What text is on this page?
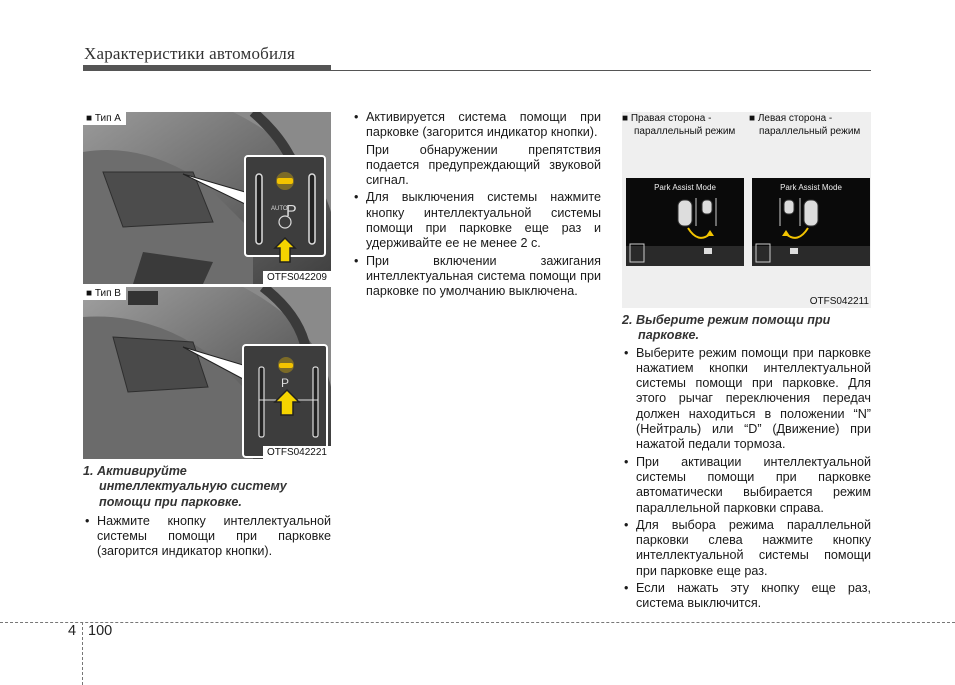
Характеристики автомобиля
AUTO
P
■ Тип A
OTFS042209
P
■ Тип B
OTFS042221
1. Активируйте
интеллектуальную систему
помощи при парковке.
• Нажмите кнопку интеллектуальной системы помощи при парковке (загорится индикатор кнопки).
• Активируется система помощи при парковке (загорится индикатор кнопки).
При обнаружении препятствия подается предупреждающий звуковой сигнал.
• Для выключения системы нажмите кнопку интеллектуальной системы помощи при парковке еще раз и удерживайте ее не менее 2 с.
• При включении зажигания интеллектуальная система помощи при парковке по умолчанию выключена.
■ Правая сторона -
параллельный режим
■ Левая сторона -
параллельный режим
Park Assist Mode	Park Assist Mode
OTFS042211
2. Выберите режим помощи при
парковке.
• Выберите режим помощи при парковке нажатием кнопки интеллектуальной системы помощи при парковке. Для этого рычаг переключения передач должен находиться в положении “N” (Нейтраль) или “D” (Движение) при нажатой педали тормоза.
• При активации интеллектуальной системы помощи при парковке автоматически выбирается режим параллельной парковки справа.
• Для выбора режима параллельной парковки слева нажмите кнопку интеллектуальной системы помощи при парковке еще раз.
• Если нажать эту кнопку еще раз, система выключится.
4 100
